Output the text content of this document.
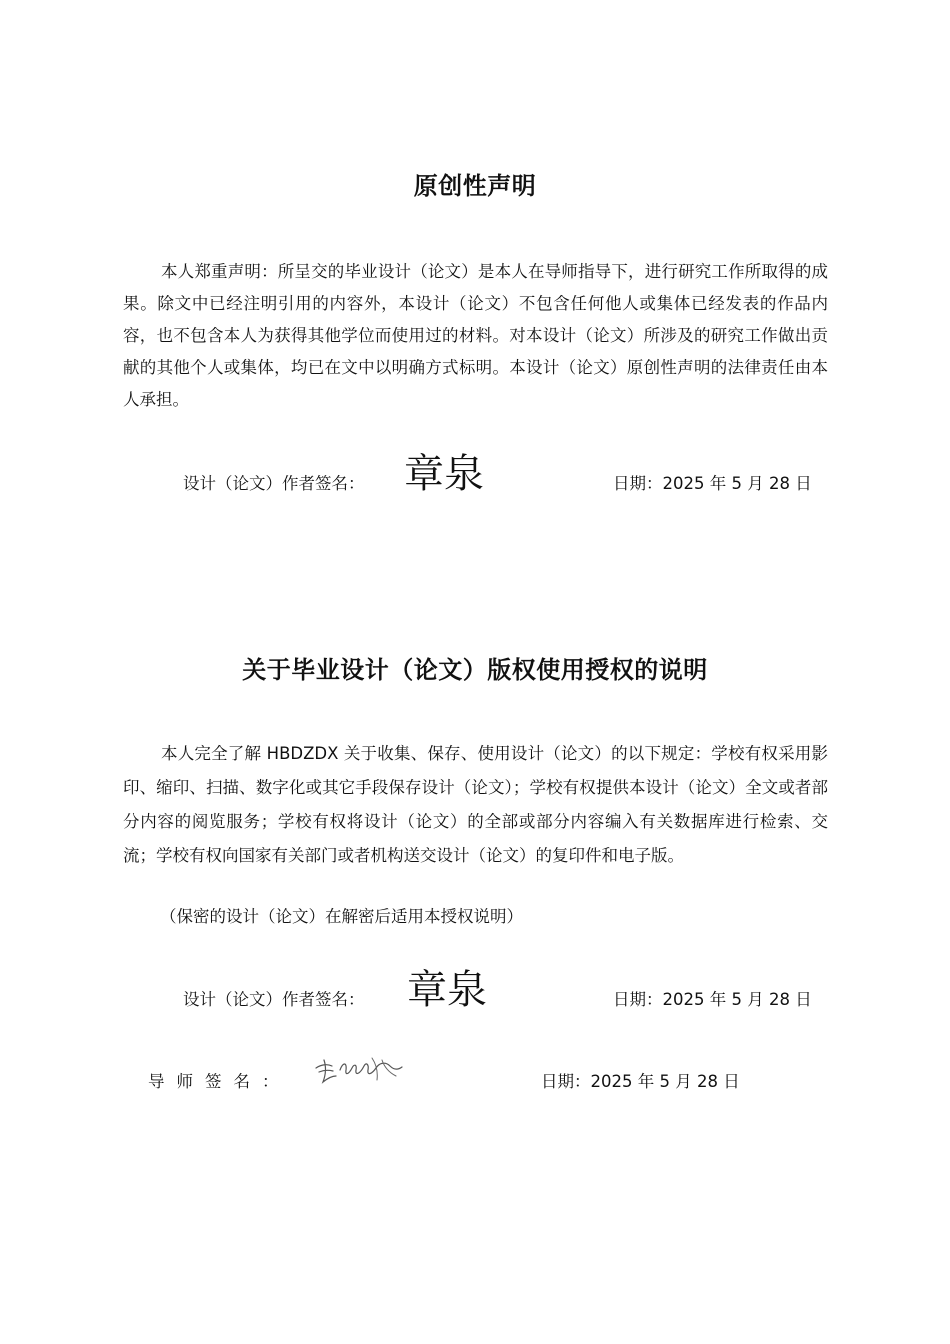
原创性声明
本人郑重声明：所呈交的毕业设计（论文）是本人在导师指导下，进行研究工作所取得的成果。除文中已经注明引用的内容外，本设计（论文）不包含任何他人或集体已经发表的作品内容，也不包含本人为获得其他学位而使用过的材料。对本设计（论文）所涉及的研究工作做出贡献的其他个人或集体，均已在文中以明确方式标明。本设计（论文）原创性声明的法律责任由本人承担。
设计（论文）作者签名： 章泉	日期：2025 年 5 月 28 日
关于毕业设计（论文）版权使用授权的说明
本人完全了解 HBDZDX 关于收集、保存、使用设计（论文）的以下规定：学校有权采用影印、缩印、扫描、数字化或其它手段保存设计（论文）；学校有权提供本设计（论文）全文或者部分内容的阅览服务；学校有权将设计（论文）的全部或部分内容编入有关数据库进行检索、交流；学校有权向国家有关部门或者机构送交设计（论文）的复印件和电子版。
（保密的设计（论文）在解密后适用本授权说明）
设计（论文）作者签名： 章泉	日期：2025 年 5 月 28 日
导师签名：	日期：2025 年 5 月 28 日
